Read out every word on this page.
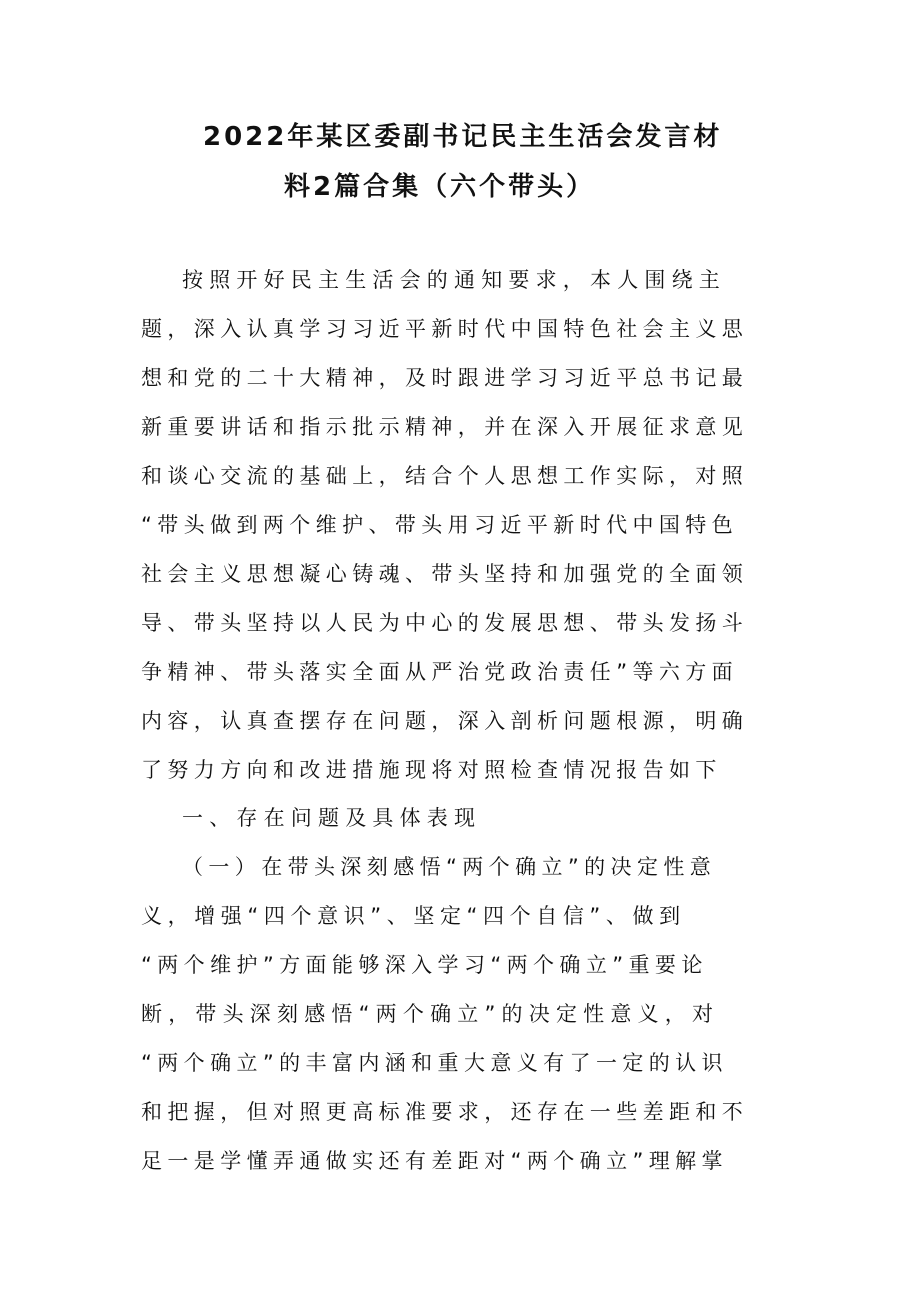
2022年某区委副书记民主生活会发言材
料2篇合集（六个带头）

按照开好民主生活会的通知要求，本人围绕主

题，深入认真学习习近平新时代中国特色社会主义思

想和党的二十大精神，及时跟进学习习近平总书记最

新重要讲话和指示批示精神，并在深入开展征求意见

和谈心交流的基础上，结合个人思想工作实际，对照

“带头做到两个维护、带头用习近平新时代中国特色

社会主义思想凝心铸魂、带头坚持和加强党的全面领

导、带头坚持以人民为中心的发展思想、带头发扬斗

争精神、带头落实全面从严治党政治责任”等六方面

内容，认真查摆存在问题，深入剖析问题根源，明确

了努力方向和改进措施现将对照检查情况报告如下

一、存在问题及具体表现

（一）在带头深刻感悟“两个确立”的决定性意

义，增强“四个意识”、坚定“四个自信”、做到

“两个维护”方面能够深入学习“两个确立”重要论

断，带头深刻感悟“两个确立”的决定性意义，对

“两个确立”的丰富内涵和重大意义有了一定的认识

和把握，但对照更高标准要求，还存在一些差距和不

足一是学懂弄通做实还有差距对“两个确立”理解掌
